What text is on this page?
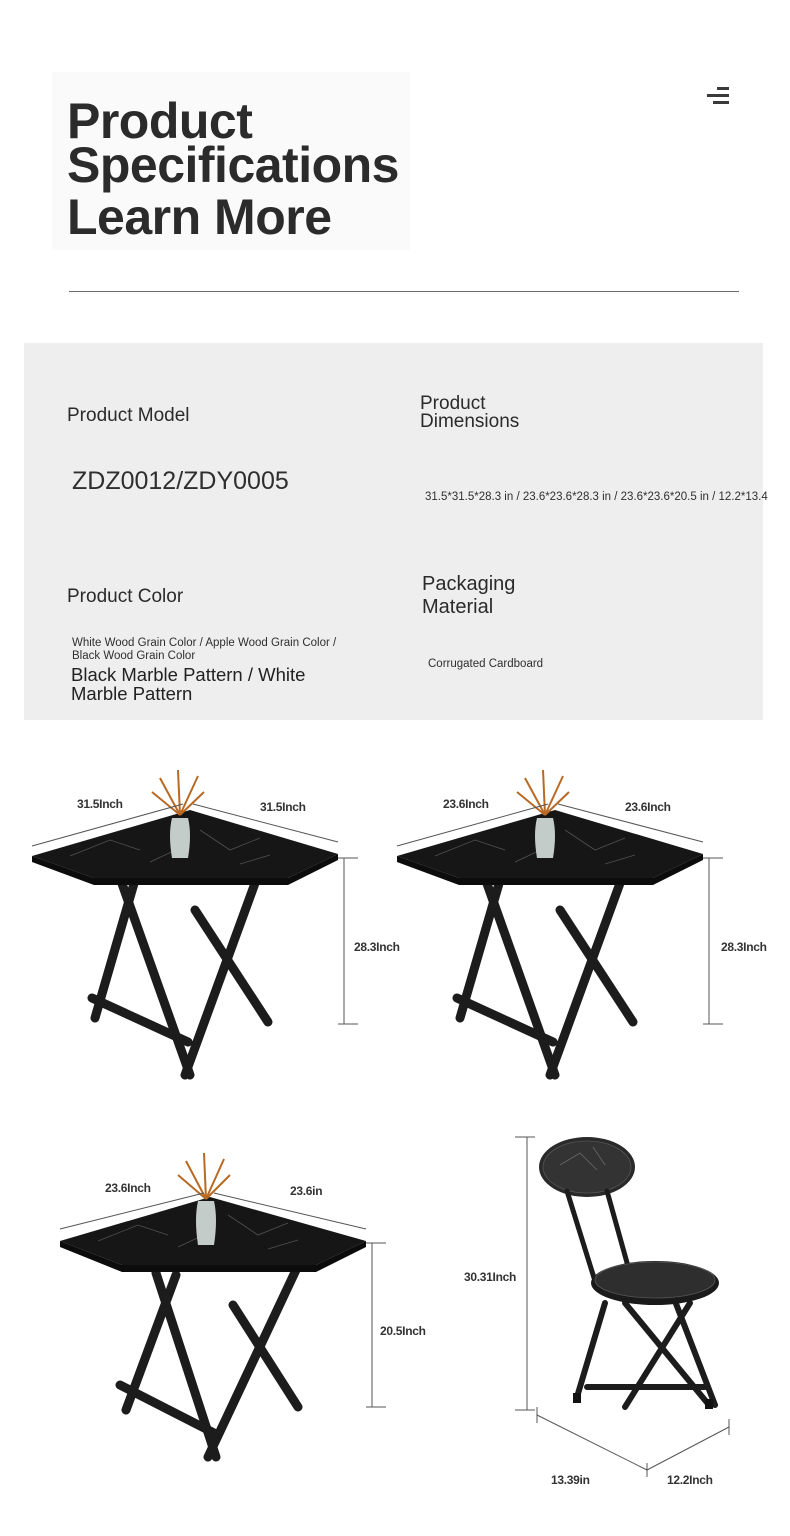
Product
Specifications
Learn More
Product Model
ZDZ0012/ZDY0005
Product Dimensions
31.5*31.5*28.3 in / 23.6*23.6*28.3 in / 23.6*23.6*20.5 in / 12.2*13.4
Product Color
White Wood Grain Color / Apple Wood Grain Color / Black Wood Grain Color
Black Marble Pattern / White Marble Pattern
Packaging Material
Corrugated Cardboard
31.5Inch	31.5Inch
28.3Inch
23.6Inch	23.6Inch
28.3Inch
23.6Inch	23.6in
20.5Inch
30.31Inch
13.39in	12.2Inch
